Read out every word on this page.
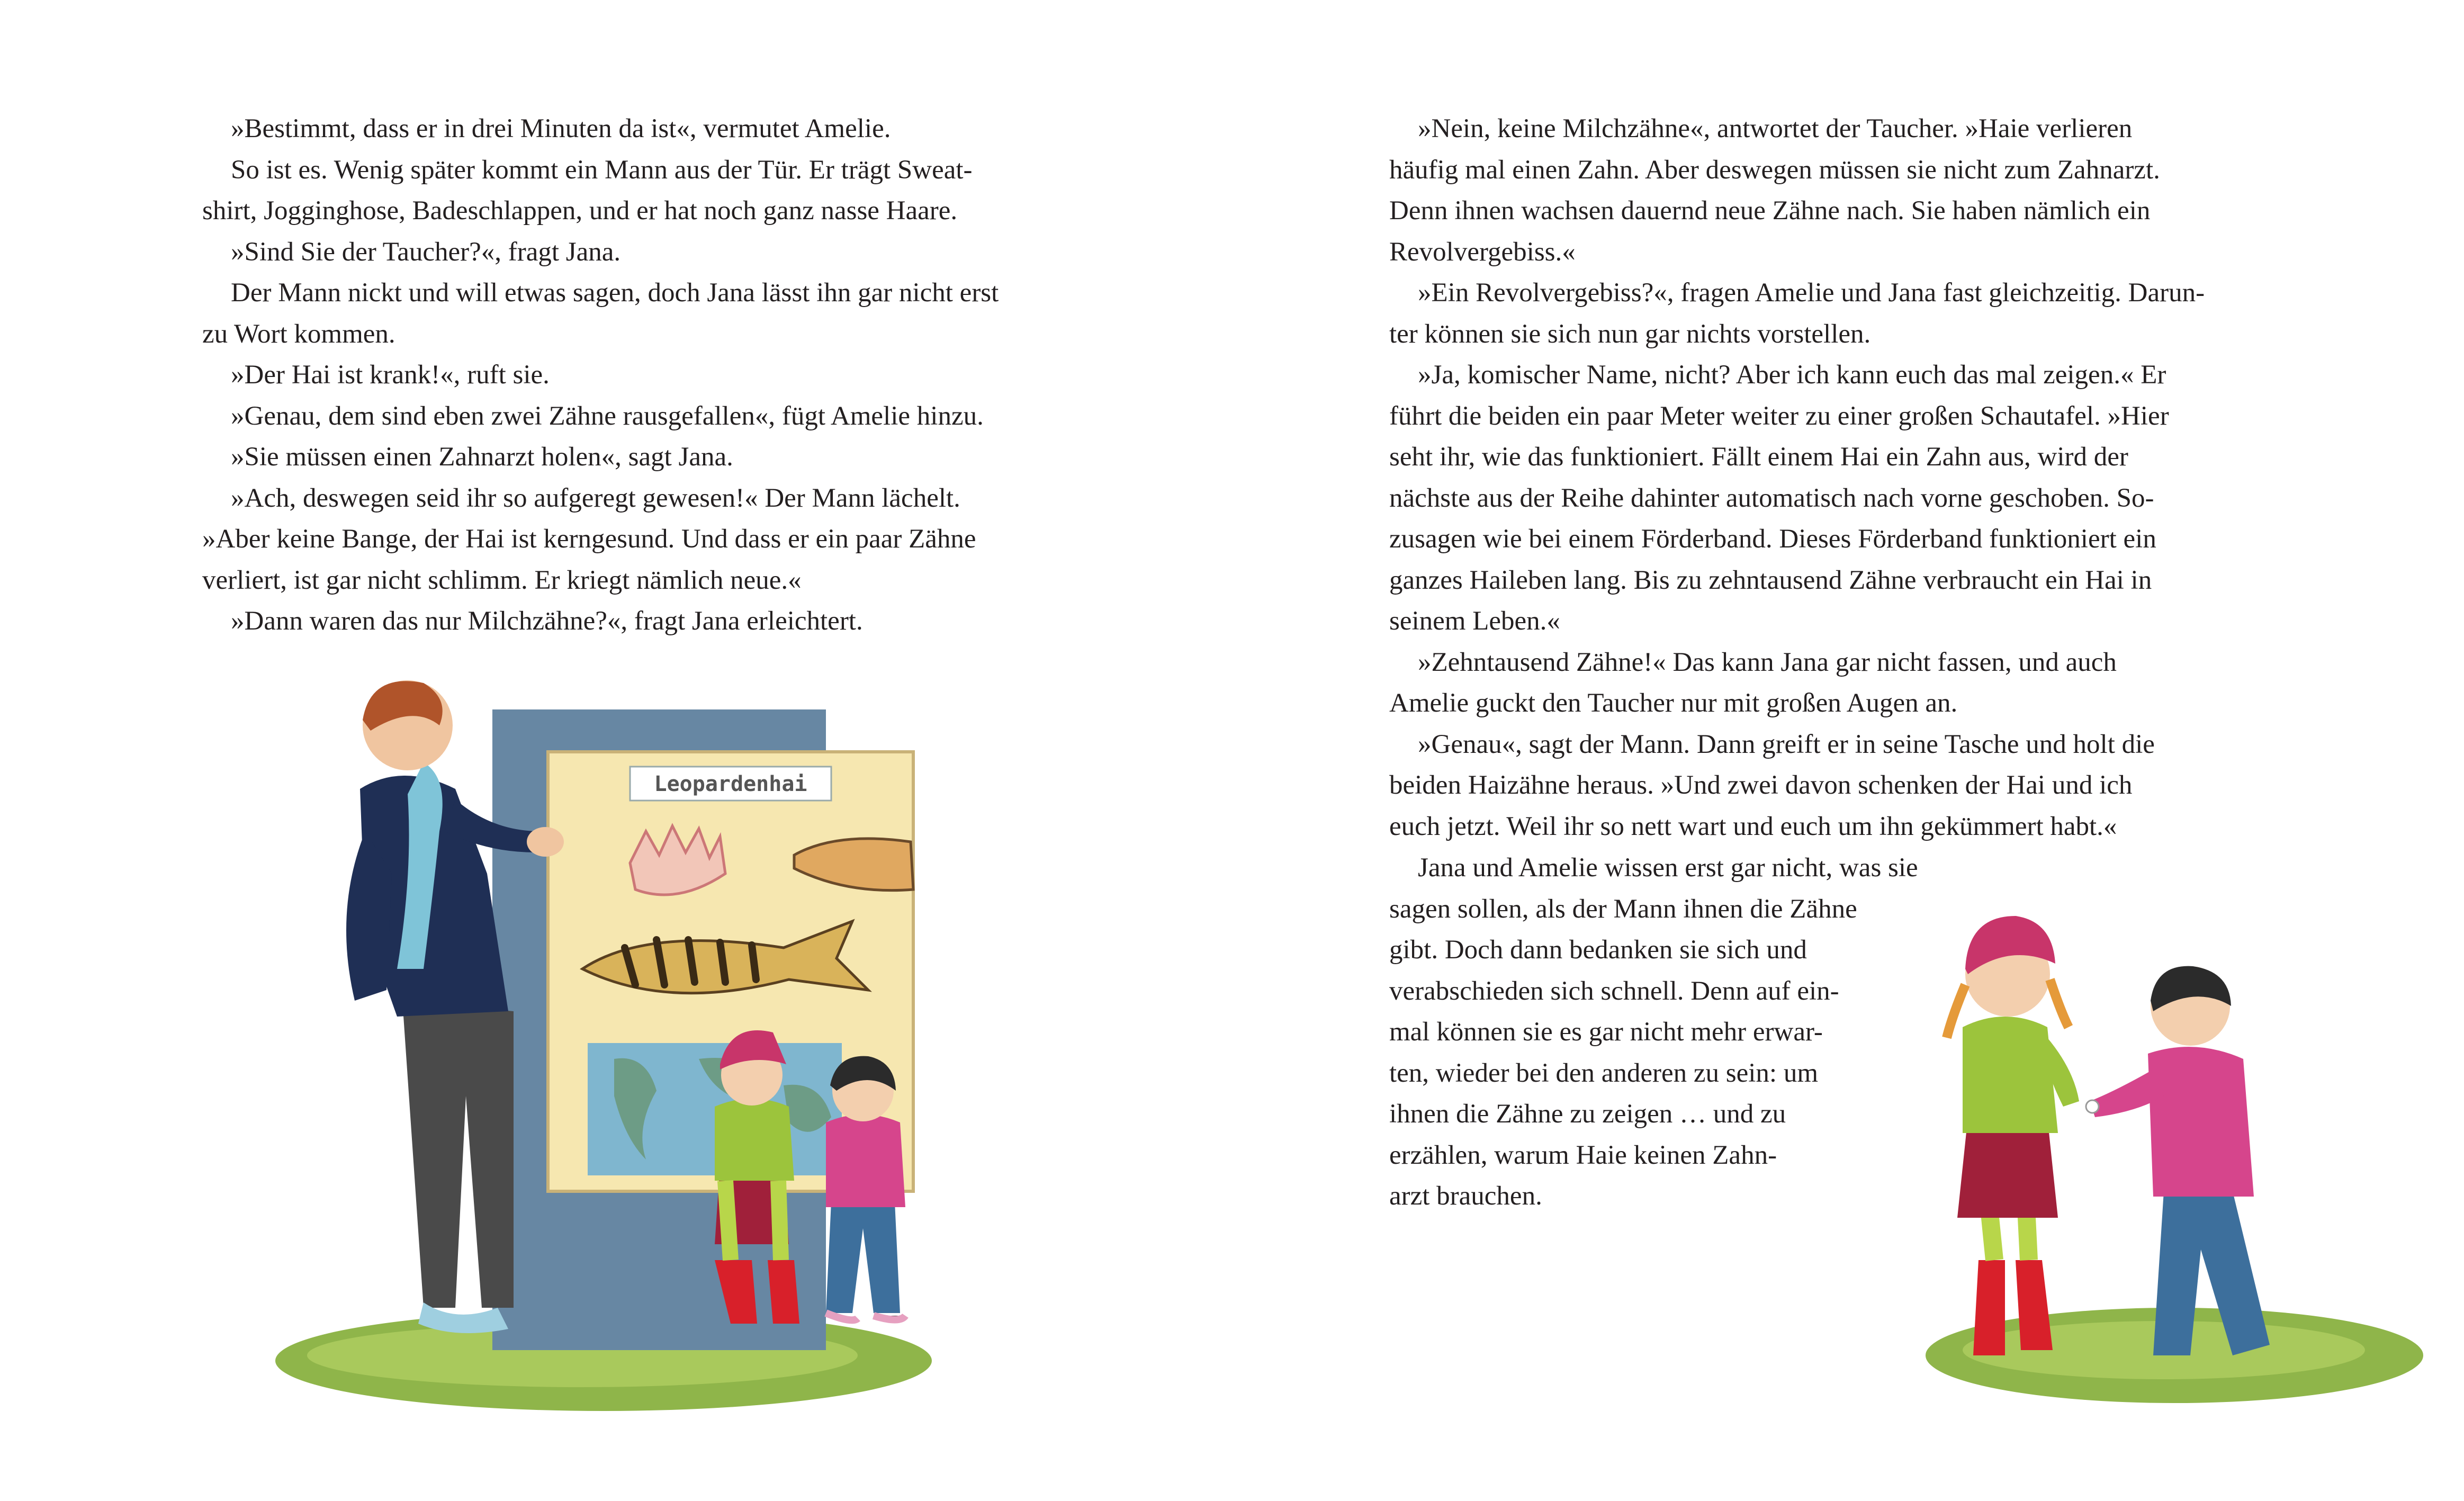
»Bestimmt, dass er in drei Minuten da ist«, vermutet Amelie.

So ist es. Wenig später kommt ein Mann aus der Tür. Er trägt Sweat-

shirt, Jogginghose, Badeschlappen, und er hat noch ganz nasse Haare.

»Sind Sie der Taucher?«, fragt Jana.

Der Mann nickt und will etwas sagen, doch Jana lässt ihn gar nicht erst

zu Wort kommen.

»Der Hai ist krank!«, ruft sie.

»Genau, dem sind eben zwei Zähne rausgefallen«, fügt Amelie hinzu.

»Sie müssen einen Zahnarzt holen«, sagt Jana.

»Ach, deswegen seid ihr so aufgeregt gewesen!« Der Mann lächelt.

»Aber keine Bange, der Hai ist kerngesund. Und dass er ein paar Zähne

verliert, ist gar nicht schlimm. Er kriegt nämlich neue.«

»Dann waren das nur Milchzähne?«, fragt Jana erleichtert.

Leopardenhai

»Nein, keine Milchzähne«, antwortet der Taucher. »Haie verlieren

häufig mal einen Zahn. Aber deswegen müssen sie nicht zum Zahnarzt.

Denn ihnen wachsen dauernd neue Zähne nach. Sie haben nämlich ein

Revolvergebiss.«

»Ein Revolvergebiss?«, fragen Amelie und Jana fast gleichzeitig. Darun-

ter können sie sich nun gar nichts vorstellen.

»Ja, komischer Name, nicht? Aber ich kann euch das mal zeigen.« Er

führt die beiden ein paar Meter weiter zu einer großen Schautafel. »Hier

seht ihr, wie das funktioniert. Fällt einem Hai ein Zahn aus, wird der

nächste aus der Reihe dahinter automatisch nach vorne geschoben. So-

zusagen wie bei einem Förderband. Dieses Förderband funktioniert ein

ganzes Haileben lang. Bis zu zehntausend Zähne verbraucht ein Hai in

seinem Leben.«

»Zehntausend Zähne!« Das kann Jana gar nicht fassen, und auch

Amelie guckt den Taucher nur mit großen Augen an.

»Genau«, sagt der Mann. Dann greift er in seine Tasche und holt die

beiden Haizähne heraus. »Und zwei davon schenken der Hai und ich

euch jetzt. Weil ihr so nett wart und euch um ihn gekümmert habt.«

Jana und Amelie wissen erst gar nicht, was sie

sagen sollen, als der Mann ihnen die Zähne

gibt. Doch dann bedanken sie sich und

verabschieden sich schnell. Denn auf ein-

mal können sie es gar nicht mehr erwar-

ten, wieder bei den anderen zu sein: um

ihnen die Zähne zu zeigen … und zu

erzählen, warum Haie keinen Zahn-

arzt brauchen.
